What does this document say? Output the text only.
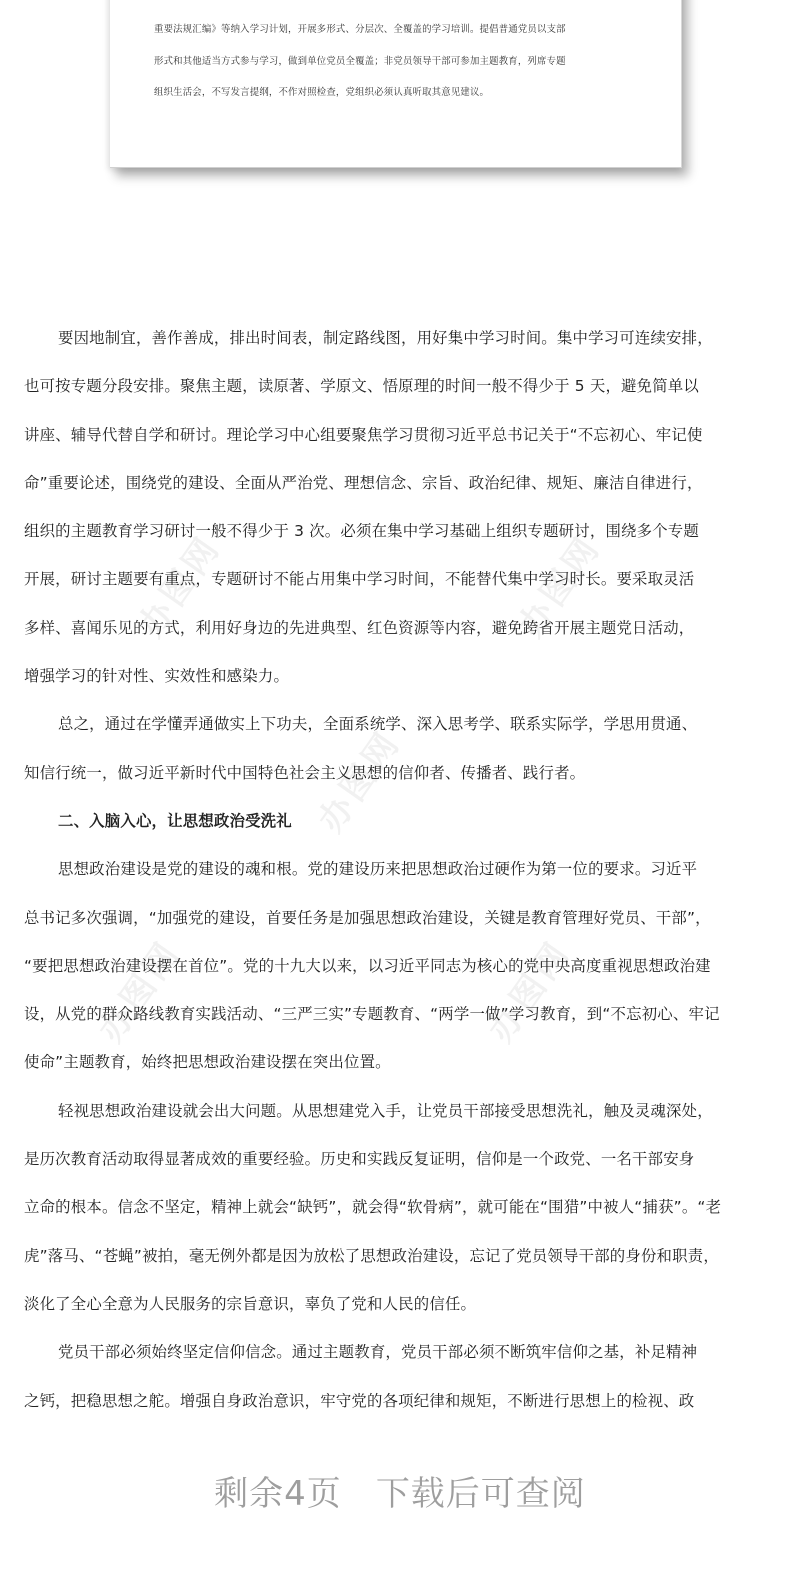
重要法规汇编》等纳入学习计划，开展多形式、分层次、全覆盖的学习培训。提倡普通党员以支部
形式和其他适当方式参与学习，做到单位党员全覆盖；非党员领导干部可参加主题教育，列席专题
组织生活会，不写发言提纲，不作对照检查，党组织必须认真听取其意见建议。
办图网	办图网
办图网
办图网	办图网
要因地制宜，善作善成，排出时间表，制定路线图，用好集中学习时间。集中学习可连续安排，
也可按专题分段安排。聚焦主题，读原著、学原文、悟原理的时间一般不得少于 5 天，避免简单以
讲座、辅导代替自学和研讨。理论学习中心组要聚焦学习贯彻习近平总书记关于“不忘初心、牢记使
命”重要论述，围绕党的建设、全面从严治党、理想信念、宗旨、政治纪律、规矩、廉洁自律进行，
组织的主题教育学习研讨一般不得少于 3 次。必须在集中学习基础上组织专题研讨，围绕多个专题
开展，研讨主题要有重点，专题研讨不能占用集中学习时间，不能替代集中学习时长。要采取灵活
多样、喜闻乐见的方式，利用好身边的先进典型、红色资源等内容，避免跨省开展主题党日活动，
增强学习的针对性、实效性和感染力。
总之，通过在学懂弄通做实上下功夫，全面系统学、深入思考学、联系实际学，学思用贯通、
知信行统一，做习近平新时代中国特色社会主义思想的信仰者、传播者、践行者。
二、入脑入心，让思想政治受洗礼
思想政治建设是党的建设的魂和根。党的建设历来把思想政治过硬作为第一位的要求。习近平
总书记多次强调，“加强党的建设，首要任务是加强思想政治建设，关键是教育管理好党员、干部”，
“要把思想政治建设摆在首位”。党的十九大以来，以习近平同志为核心的党中央高度重视思想政治建
设，从党的群众路线教育实践活动、“三严三实”专题教育、“两学一做”学习教育，到“不忘初心、牢记
使命”主题教育，始终把思想政治建设摆在突出位置。
轻视思想政治建设就会出大问题。从思想建党入手，让党员干部接受思想洗礼，触及灵魂深处，
是历次教育活动取得显著成效的重要经验。历史和实践反复证明，信仰是一个政党、一名干部安身
立命的根本。信念不坚定，精神上就会“缺钙”，就会得“软骨病”，就可能在“围猎”中被人“捕获”。“老
虎”落马、“苍蝇”被拍，毫无例外都是因为放松了思想政治建设，忘记了党员领导干部的身份和职责，
淡化了全心全意为人民服务的宗旨意识，辜负了党和人民的信任。
党员干部必须始终坚定信仰信念。通过主题教育，党员干部必须不断筑牢信仰之基，补足精神
之钙，把稳思想之舵。增强自身政治意识，牢守党的各项纪律和规矩，不断进行思想上的检视、政
剩余4页 下载后可查阅
